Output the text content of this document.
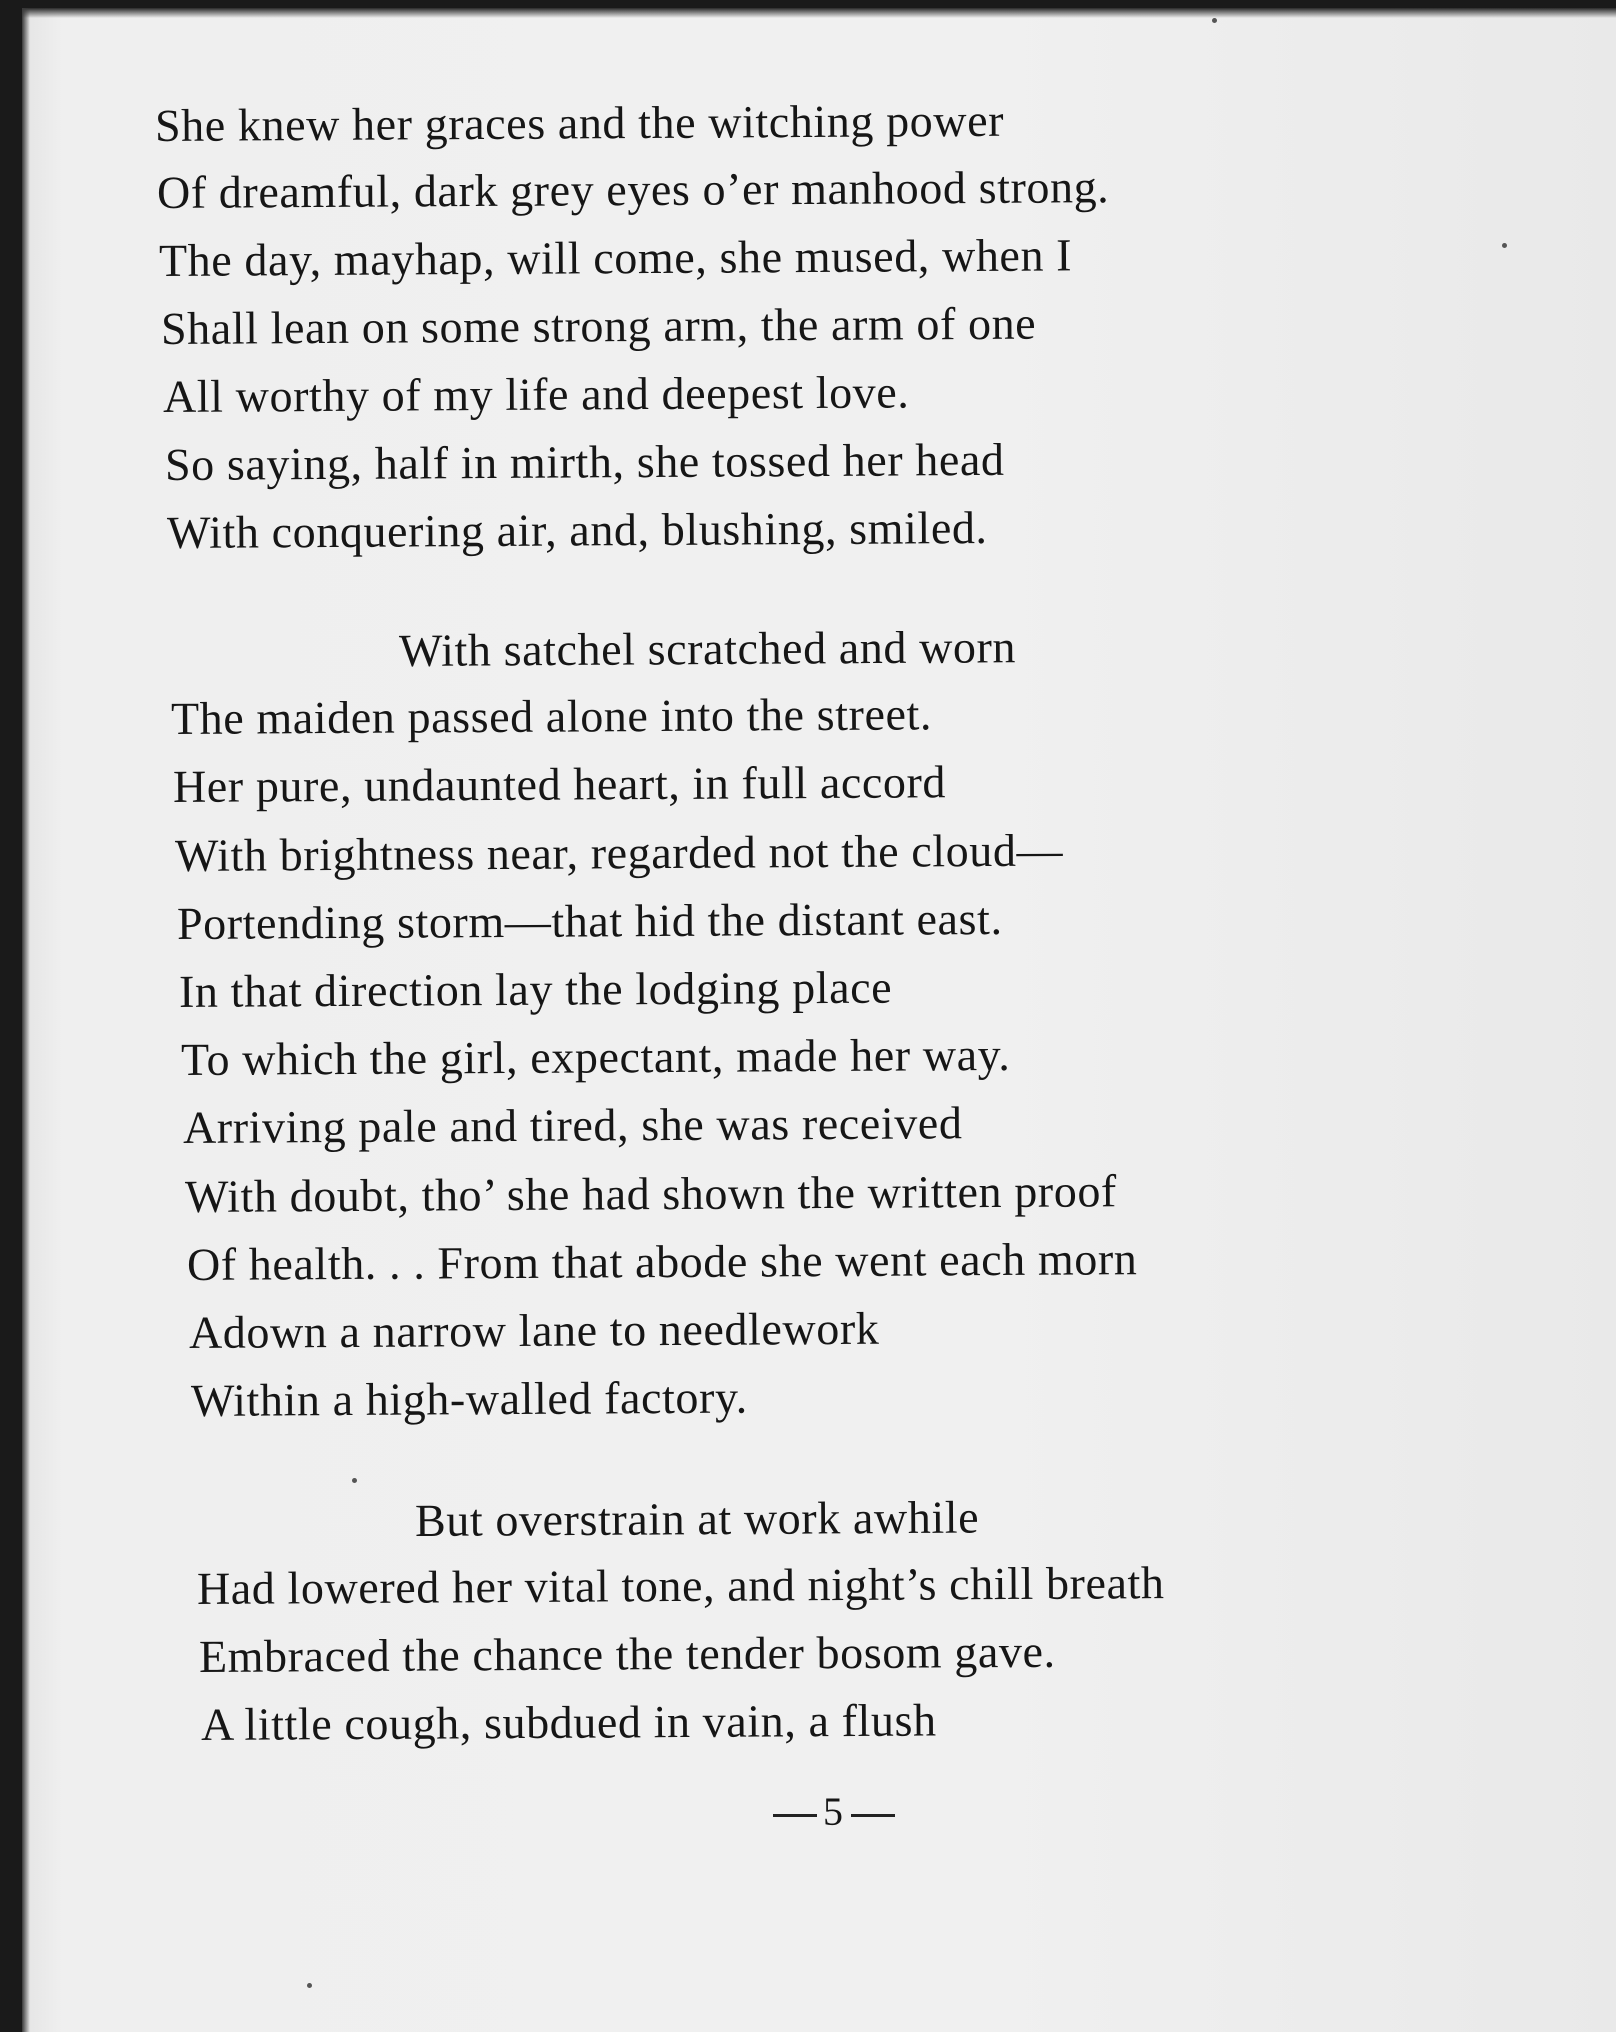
She knew her graces and the witching power
Of dreamful, dark grey eyes o’er manhood strong.
The day, mayhap, will come, she mused, when I
Shall lean on some strong arm, the arm of one
All worthy of my life and deepest love.
So saying, half in mirth, she tossed her head
With conquering air, and, blushing, smiled.
With satchel scratched and worn
The maiden passed alone into the street.
Her pure, undaunted heart, in full accord
With brightness near, regarded not the cloud—
Portending storm—that hid the distant east.
In that direction lay the lodging place
To which the girl, expectant, made her way.
Arriving pale and tired, she was received
With doubt, tho’ she had shown the written proof
Of health. . . From that abode she went each morn
Adown a narrow lane to needlework
Within a high-walled factory.
But overstrain at work awhile
Had lowered her vital tone, and night’s chill breath
Embraced the chance the tender bosom gave.
A little cough, subdued in vain, a flush
5
